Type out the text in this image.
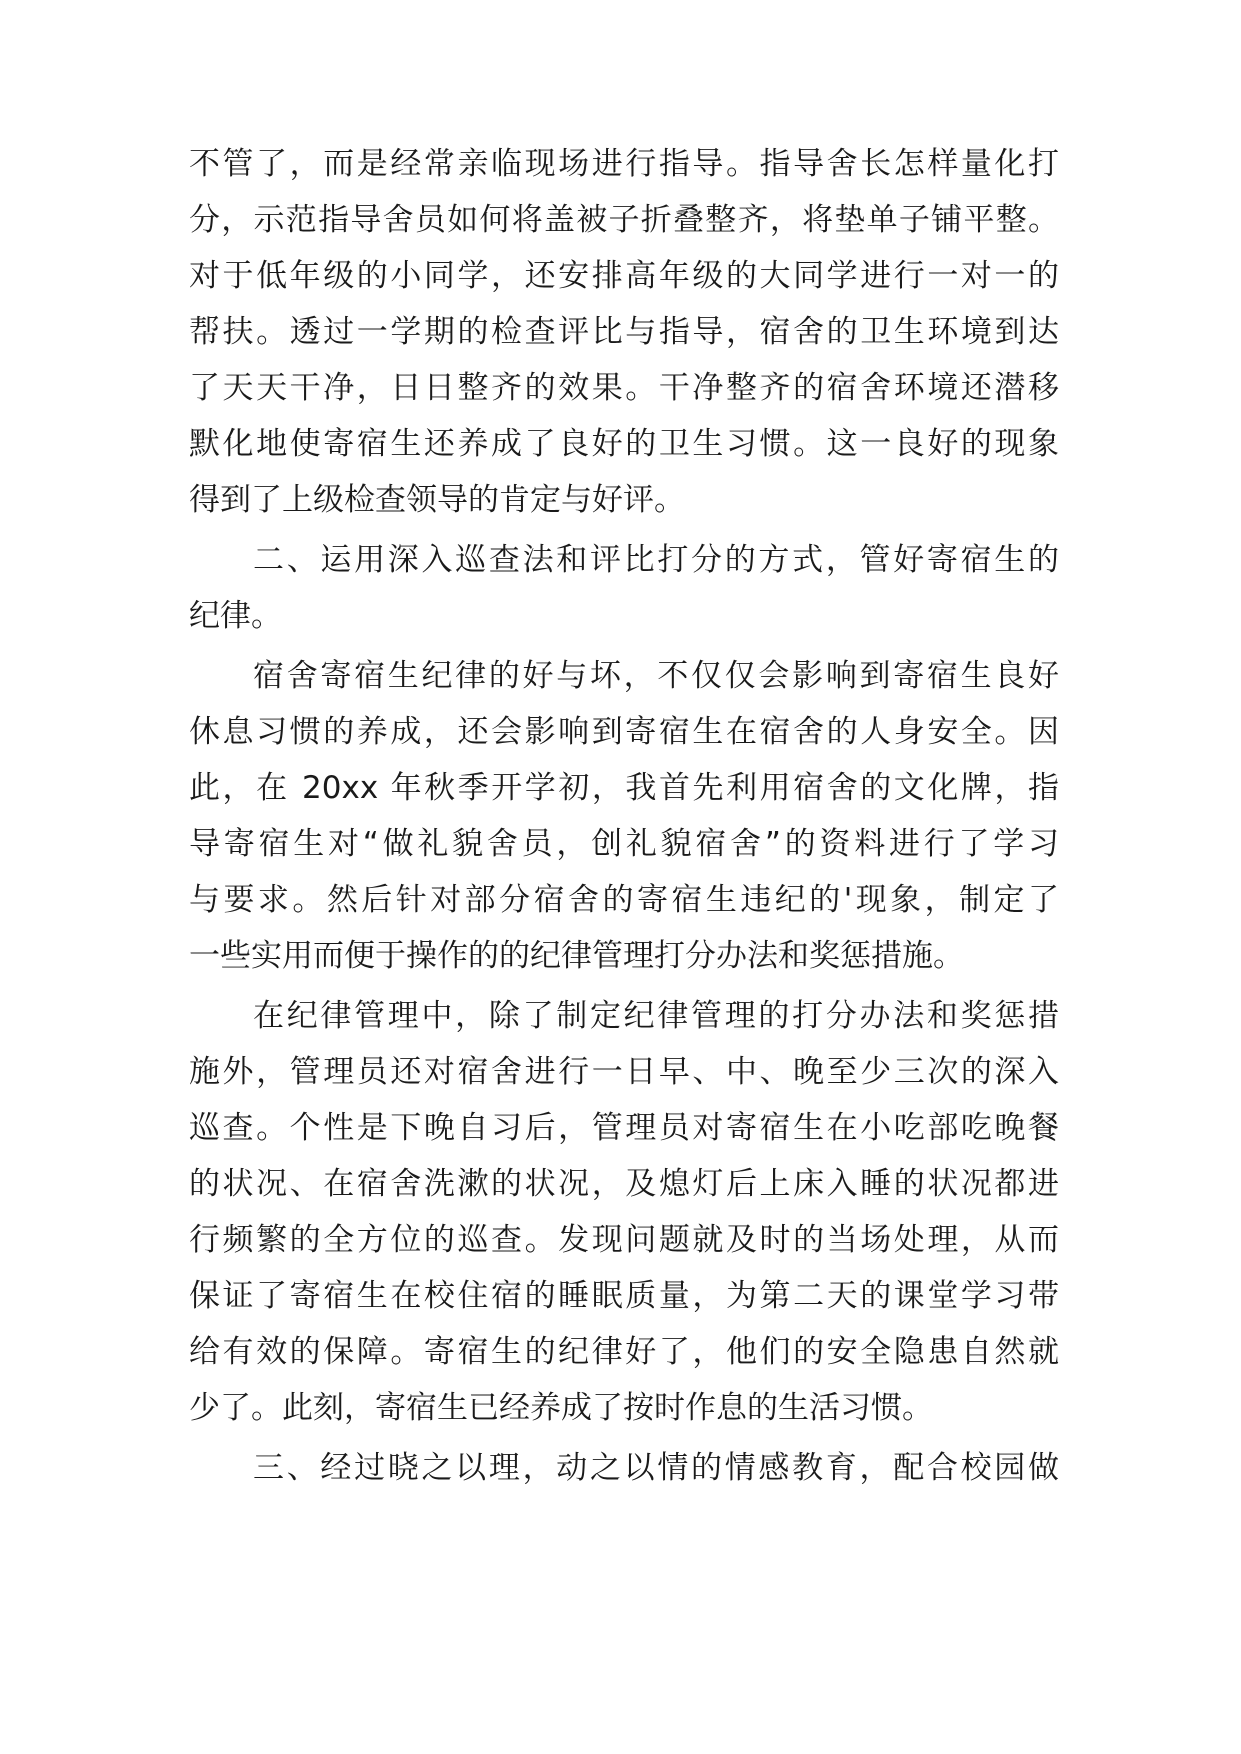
不管了，而是经常亲临现场进行指导。指导舍长怎样量化打
分，示范指导舍员如何将盖被子折叠整齐，将垫单子铺平整。
对于低年级的小同学，还安排高年级的大同学进行一对一的
帮扶。透过一学期的检查评比与指导，宿舍的卫生环境到达
了天天干净，日日整齐的效果。干净整齐的宿舍环境还潜移
默化地使寄宿生还养成了良好的卫生习惯。这一良好的现象
得到了上级检查领导的肯定与好评。
二、运用深入巡查法和评比打分的方式，管好寄宿生的
纪律。
宿舍寄宿生纪律的好与坏，不仅仅会影响到寄宿生良好
休息习惯的养成，还会影响到寄宿生在宿舍的人身安全。因
此，在 20xx 年秋季开学初，我首先利用宿舍的文化牌，指
导寄宿生对“做礼貌舍员，创礼貌宿舍”的资料进行了学习
与要求。然后针对部分宿舍的寄宿生违纪的'现象，制定了
一些实用而便于操作的的纪律管理打分办法和奖惩措施。
在纪律管理中，除了制定纪律管理的打分办法和奖惩措
施外，管理员还对宿舍进行一日早、中、晚至少三次的深入
巡查。个性是下晚自习后，管理员对寄宿生在小吃部吃晚餐
的状况、在宿舍洗漱的状况，及熄灯后上床入睡的状况都进
行频繁的全方位的巡查。发现问题就及时的当场处理，从而
保证了寄宿生在校住宿的睡眠质量，为第二天的课堂学习带
给有效的保障。寄宿生的纪律好了，他们的安全隐患自然就
少了。此刻，寄宿生已经养成了按时作息的生活习惯。
三、经过晓之以理，动之以情的情感教育，配合校园做
